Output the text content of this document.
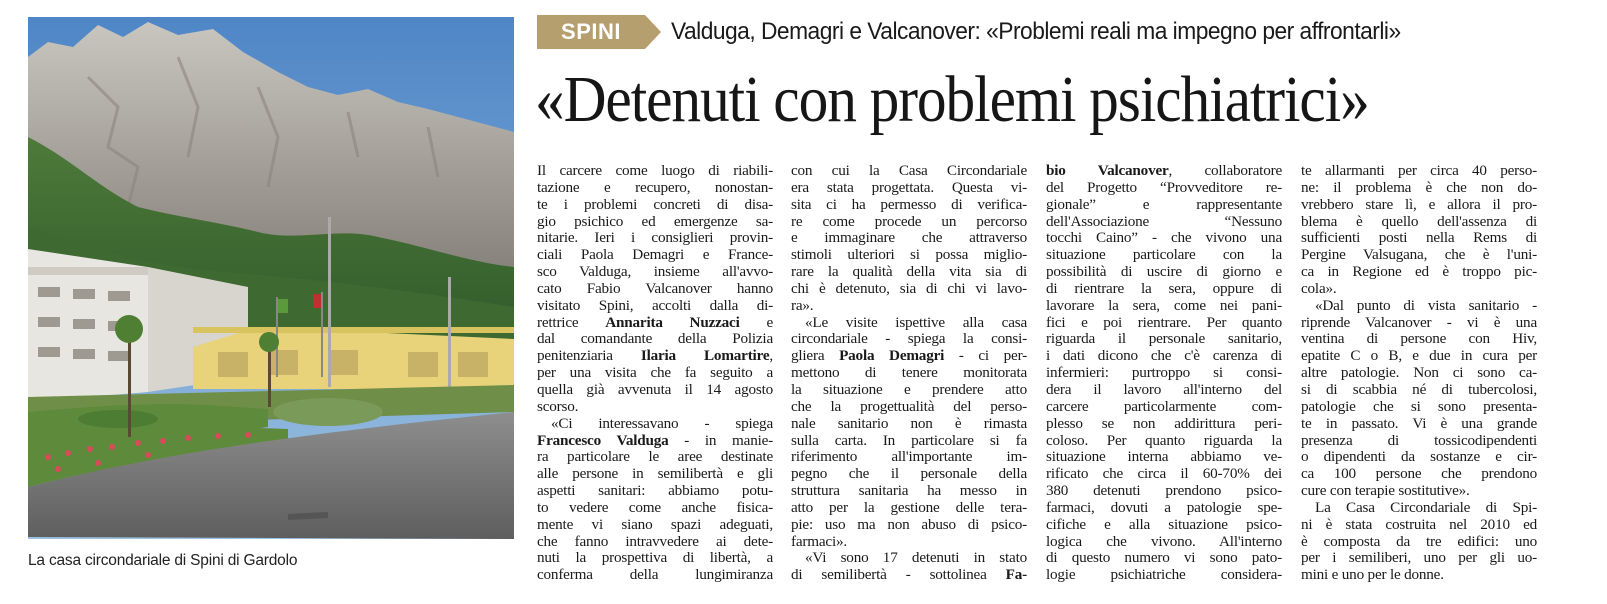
La casa circondariale di Spini di Gardolo
SPINI	Valduga, Demagri e Valcanover: «Problemi reali ma impegno per affrontarli»
«Detenuti con problemi psichiatrici»
Il carcere come luogo di riabili-
tazione e recupero, nonostan-
te i problemi concreti di disa-
gio psichico ed emergenze sa-
nitarie. Ieri i consiglieri provin-
ciali Paola Demagri e France-
sco Valduga, insieme all'avvo-
cato Fabio Valcanover hanno
visitato Spini, accolti dalla di-
rettrice Annarita Nuzzaci e
dal comandante della Polizia
penitenziaria Ilaria Lomartire,
per una visita che fa seguito a
quella già avvenuta il 14 agosto
scorso.
«Ci interessavano - spiega
Francesco Valduga - in manie-
ra particolare le aree destinate
alle persone in semilibertà e gli
aspetti sanitari: abbiamo potu-
to vedere come anche fisica-
mente vi siano spazi adeguati,
che fanno intravvedere ai dete-
nuti la prospettiva di libertà, a
conferma della lungimiranza
con cui la Casa Circondariale
era stata progettata. Questa vi-
sita ci ha permesso di verifica-
re come procede un percorso
e immaginare che attraverso
stimoli ulteriori si possa miglio-
rare la qualità della vita sia di
chi è detenuto, sia di chi vi lavo-
ra».
«Le visite ispettive alla casa
circondariale - spiega la consi-
gliera Paola Demagri - ci per-
mettono di tenere monitorata
la situazione e prendere atto
che la progettualità del perso-
nale sanitario non è rimasta
sulla carta. In particolare si fa
riferimento all'importante im-
pegno che il personale della
struttura sanitaria ha messo in
atto per la gestione delle tera-
pie: uso ma non abuso di psico-
farmaci».
«Vi sono 17 detenuti in stato
di semilibertà - sottolinea Fa-
bio Valcanover, collaboratore
del Progetto “Provveditore re-
gionale” e rappresentante
dell'Associazione “Nessuno
tocchi Caino” - che vivono una
situazione particolare con la
possibilità di uscire di giorno e
di rientrare la sera, oppure di
lavorare la sera, come nei pani-
fici e poi rientrare. Per quanto
riguarda il personale sanitario,
i dati dicono che c'è carenza di
infermieri: purtroppo si consi-
dera il lavoro all'interno del
carcere particolarmente com-
plesso se non addirittura peri-
coloso. Per quanto riguarda la
situazione interna abbiamo ve-
rificato che circa il 60-70% dei
380 detenuti prendono psico-
farmaci, dovuti a patologie spe-
cifiche e alla situazione psico-
logica che vivono. All'interno
di questo numero vi sono pato-
logie psichiatriche considera-
te allarmanti per circa 40 perso-
ne: il problema è che non do-
vrebbero stare lì, e allora il pro-
blema è quello dell'assenza di
sufficienti posti nella Rems di
Pergine Valsugana, che è l'uni-
ca in Regione ed è troppo pic-
cola».
«Dal punto di vista sanitario -
riprende Valcanover - vi è una
ventina di persone con Hiv,
epatite C o B, e due in cura per
altre patologie. Non ci sono ca-
si di scabbia né di tubercolosi,
patologie che si sono presenta-
te in passato. Vi è una grande
presenza di tossicodipendenti
o dipendenti da sostanze e cir-
ca 100 persone che prendono
cure con terapie sostitutive».
La Casa Circondariale di Spi-
ni è stata costruita nel 2010 ed
è composta da tre edifici: uno
per i semiliberi, uno per gli uo-
mini e uno per le donne.
